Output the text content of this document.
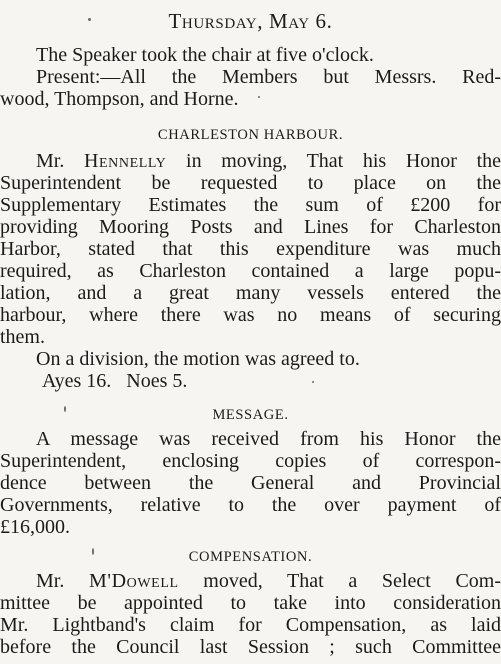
Thursday, May 6.
The Speaker took the chair at five o'clock.
Present:—All the Members but Messrs. Red-
wood, Thompson, and Horne.
CHARLESTON HARBOUR.
Mr. Hennelly in moving, That his Honor the
Superintendent be requested to place on the
Supplementary Estimates the sum of £200 for
providing Mooring Posts and Lines for Charleston
Harbor, stated that this expenditure was much
required, as Charleston contained a large popu-
lation, and a great many vessels entered the
harbour, where there was no means of securing
them.
On a division, the motion was agreed to.
Ayes 16.   Noes 5.
MESSAGE.
A message was received from his Honor the
Superintendent, enclosing copies of correspon-
dence between the General and Provincial
Governments, relative to the over payment of
£16,000.
COMPENSATION.
Mr. M'Dowell moved, That a Select Com-
mittee be appointed to take into consideration
Mr. Lightband's claim for Compensation, as laid
before the Council last Session ; such Committee
